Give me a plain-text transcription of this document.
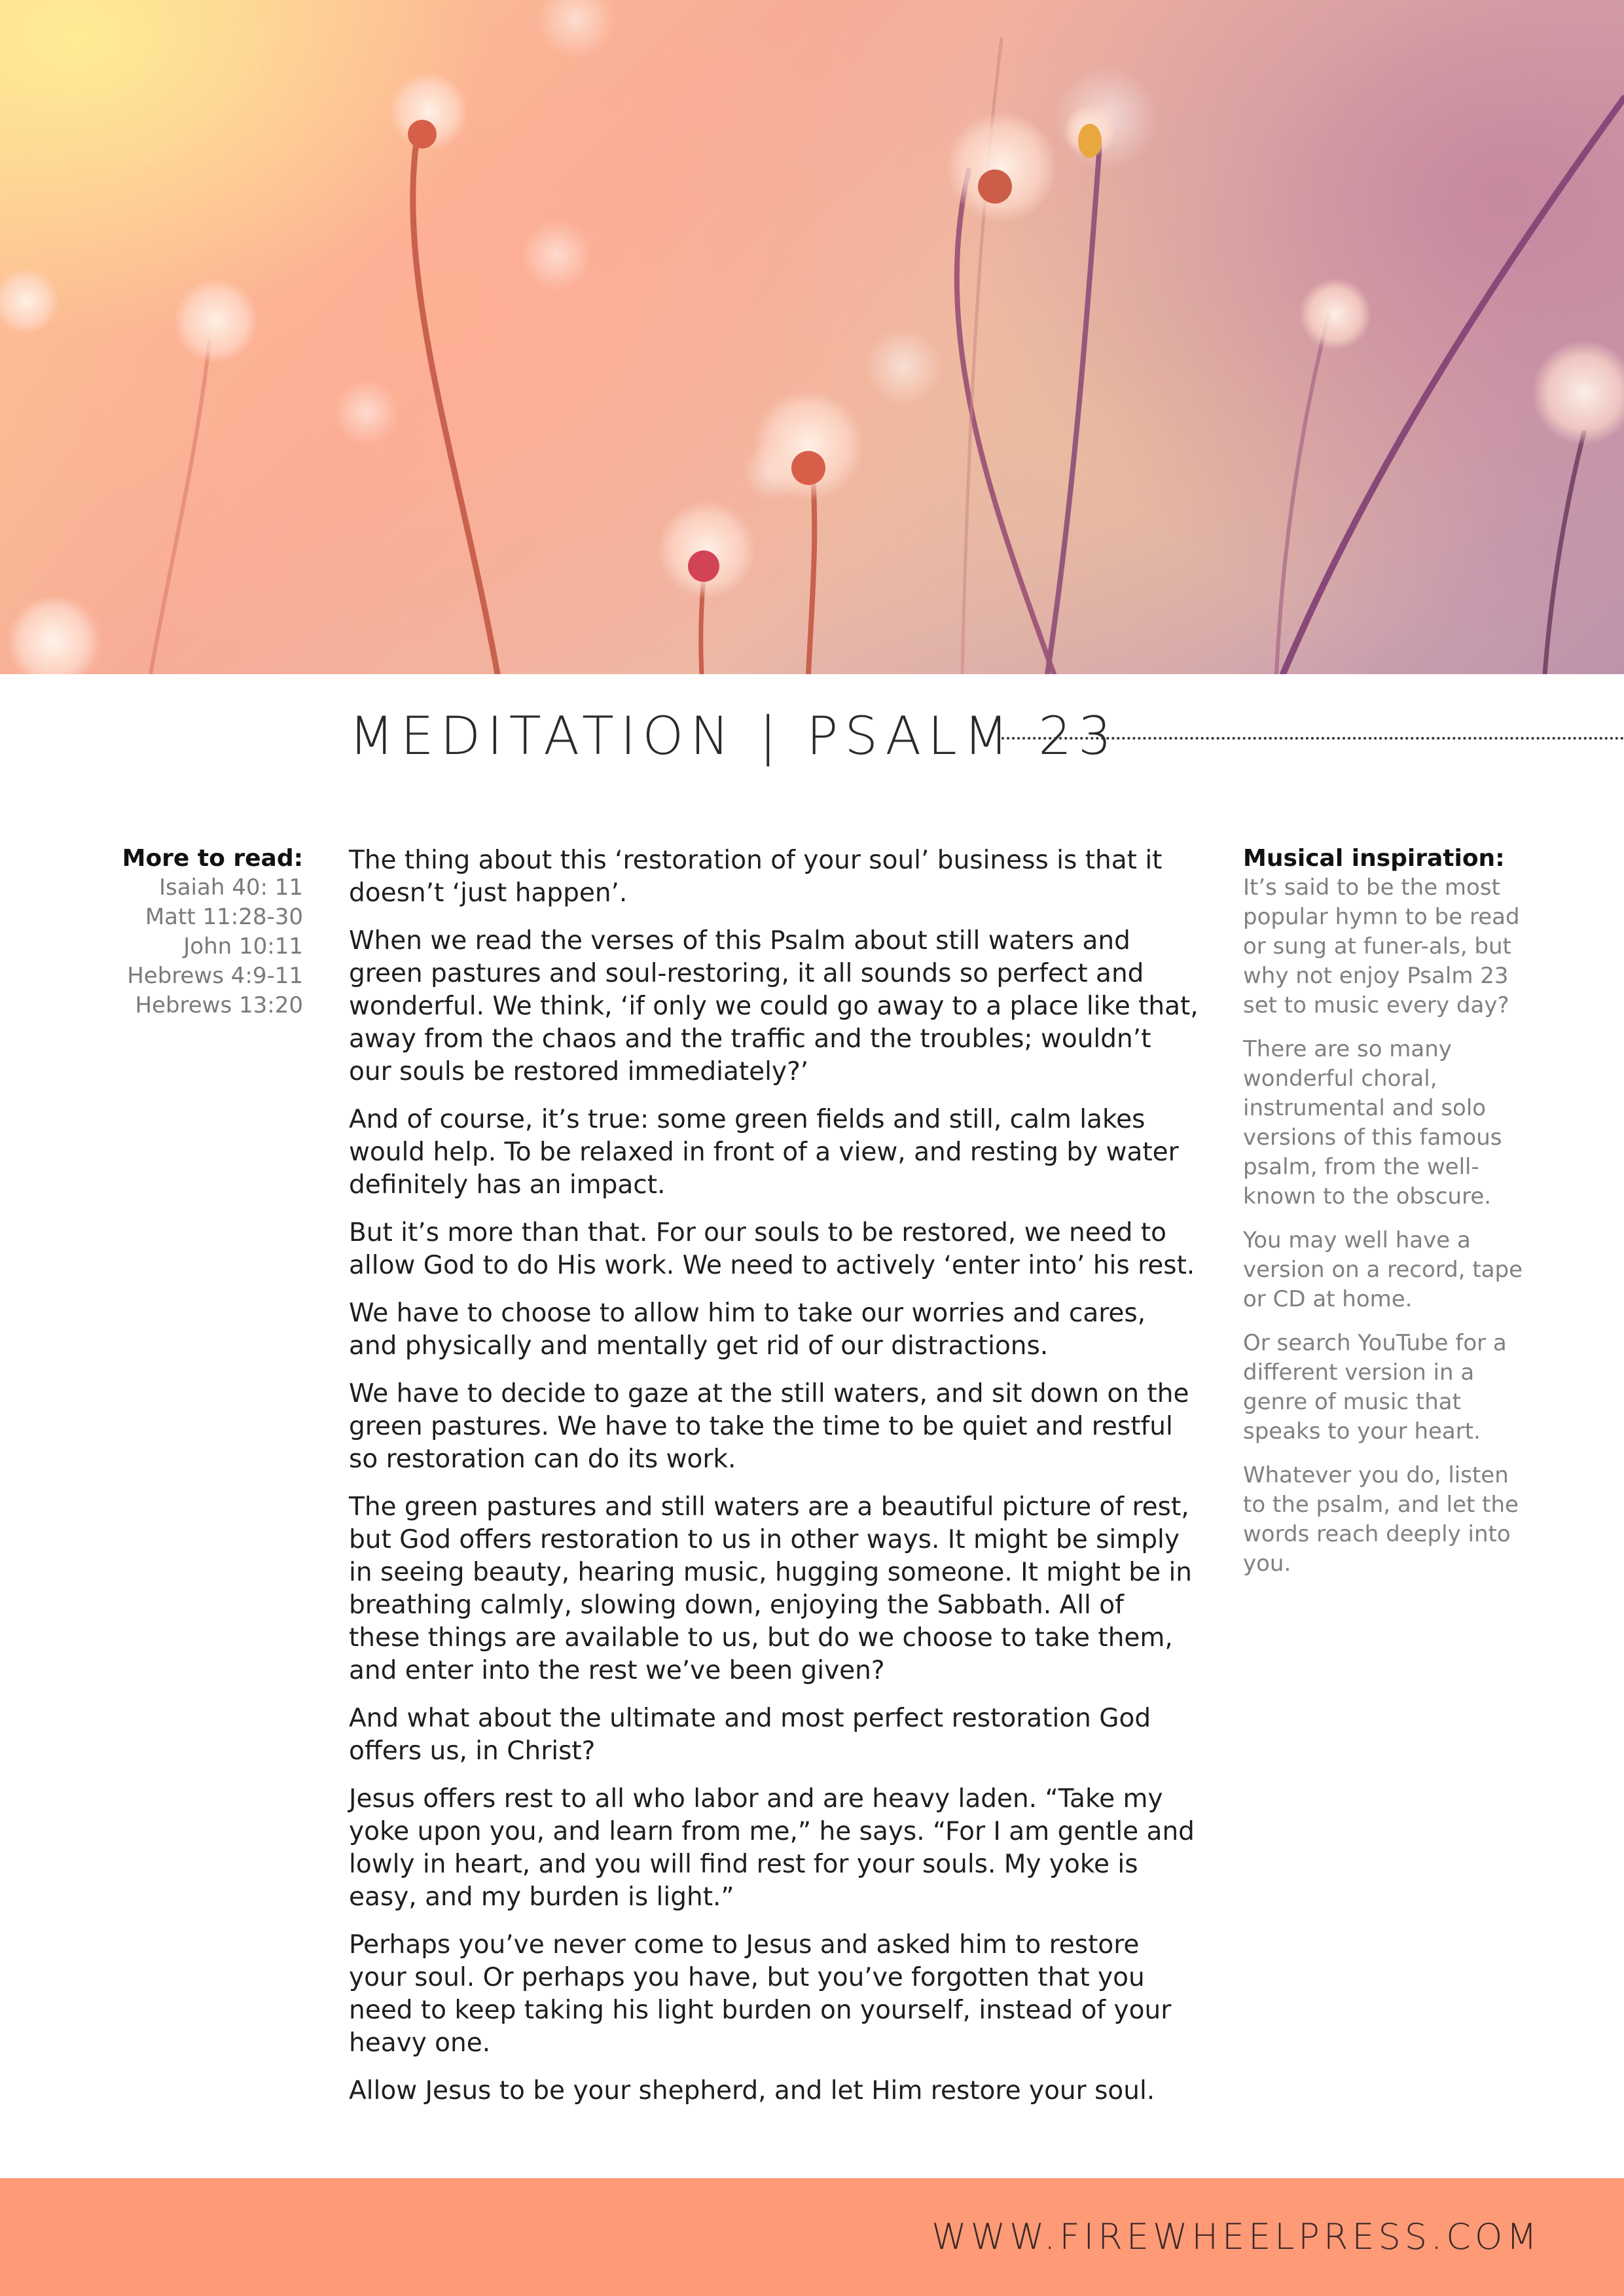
MEDITATION | PSALM 23
More to read:
Isaiah 40: 11
Matt 11:28-30
John 10:11
Hebrews 4:9-11
Hebrews 13:20

The thing about this ‘restoration of your soul’ business is that it doesn’t ‘just happen’.

When we read the verses of this Psalm about still waters and green pastures and soul-restoring, it all sounds so perfect and wonderful. We think, ‘if only we could go away to a place like that, away from the chaos and the traffic and the troubles; wouldn’t our souls be restored immediately?’

And of course, it’s true: some green fields and still, calm lakes would help. To be relaxed in front of a view, and resting by water definitely has an impact.

But it’s more than that. For our souls to be restored, we need to allow God to do His work. We need to actively ‘enter into’ his rest.

We have to choose to allow him to take our worries and cares, and physically and mentally get rid of our distractions.

We have to decide to gaze at the still waters, and sit down on the green pastures. We have to take the time to be quiet and restful so restoration can do its work.

The green pastures and still waters are a beautiful picture of rest, but God offers restoration to us in other ways. It might be simply in seeing beauty, hearing music, hugging someone. It might be in breathing calmly, slowing down, enjoying the Sabbath. All of these things are available to us, but do we choose to take them, and enter into the rest we’ve been given?

And what about the ultimate and most perfect restoration God offers us, in Christ?

Jesus offers rest to all who labor and are heavy laden. “Take my yoke upon you, and learn from me,” he says. “For I am gentle and lowly in heart, and you will find rest for your souls. My yoke is easy, and my burden is light.”

Perhaps you’ve never come to Jesus and asked him to restore your soul. Or perhaps you have, but you’ve forgotten that you need to keep taking his light burden on yourself, instead of your heavy one.

Allow Jesus to be your shepherd, and let Him restore your soul.

Musical inspiration:

It’s said to be the most popular hymn to be read or sung at funer-als, but why not enjoy Psalm 23 set to music every day?

There are so many wonderful choral, instrumental and solo versions of this famous psalm, from the well-known to the obscure.

You may well have a version on a record, tape or CD at home.

Or search YouTube for a different version in a genre of music that speaks to your heart.

Whatever you do, listen to the psalm, and let the words reach deeply into you.

WWW.FIREWHEELPRESS.COM
